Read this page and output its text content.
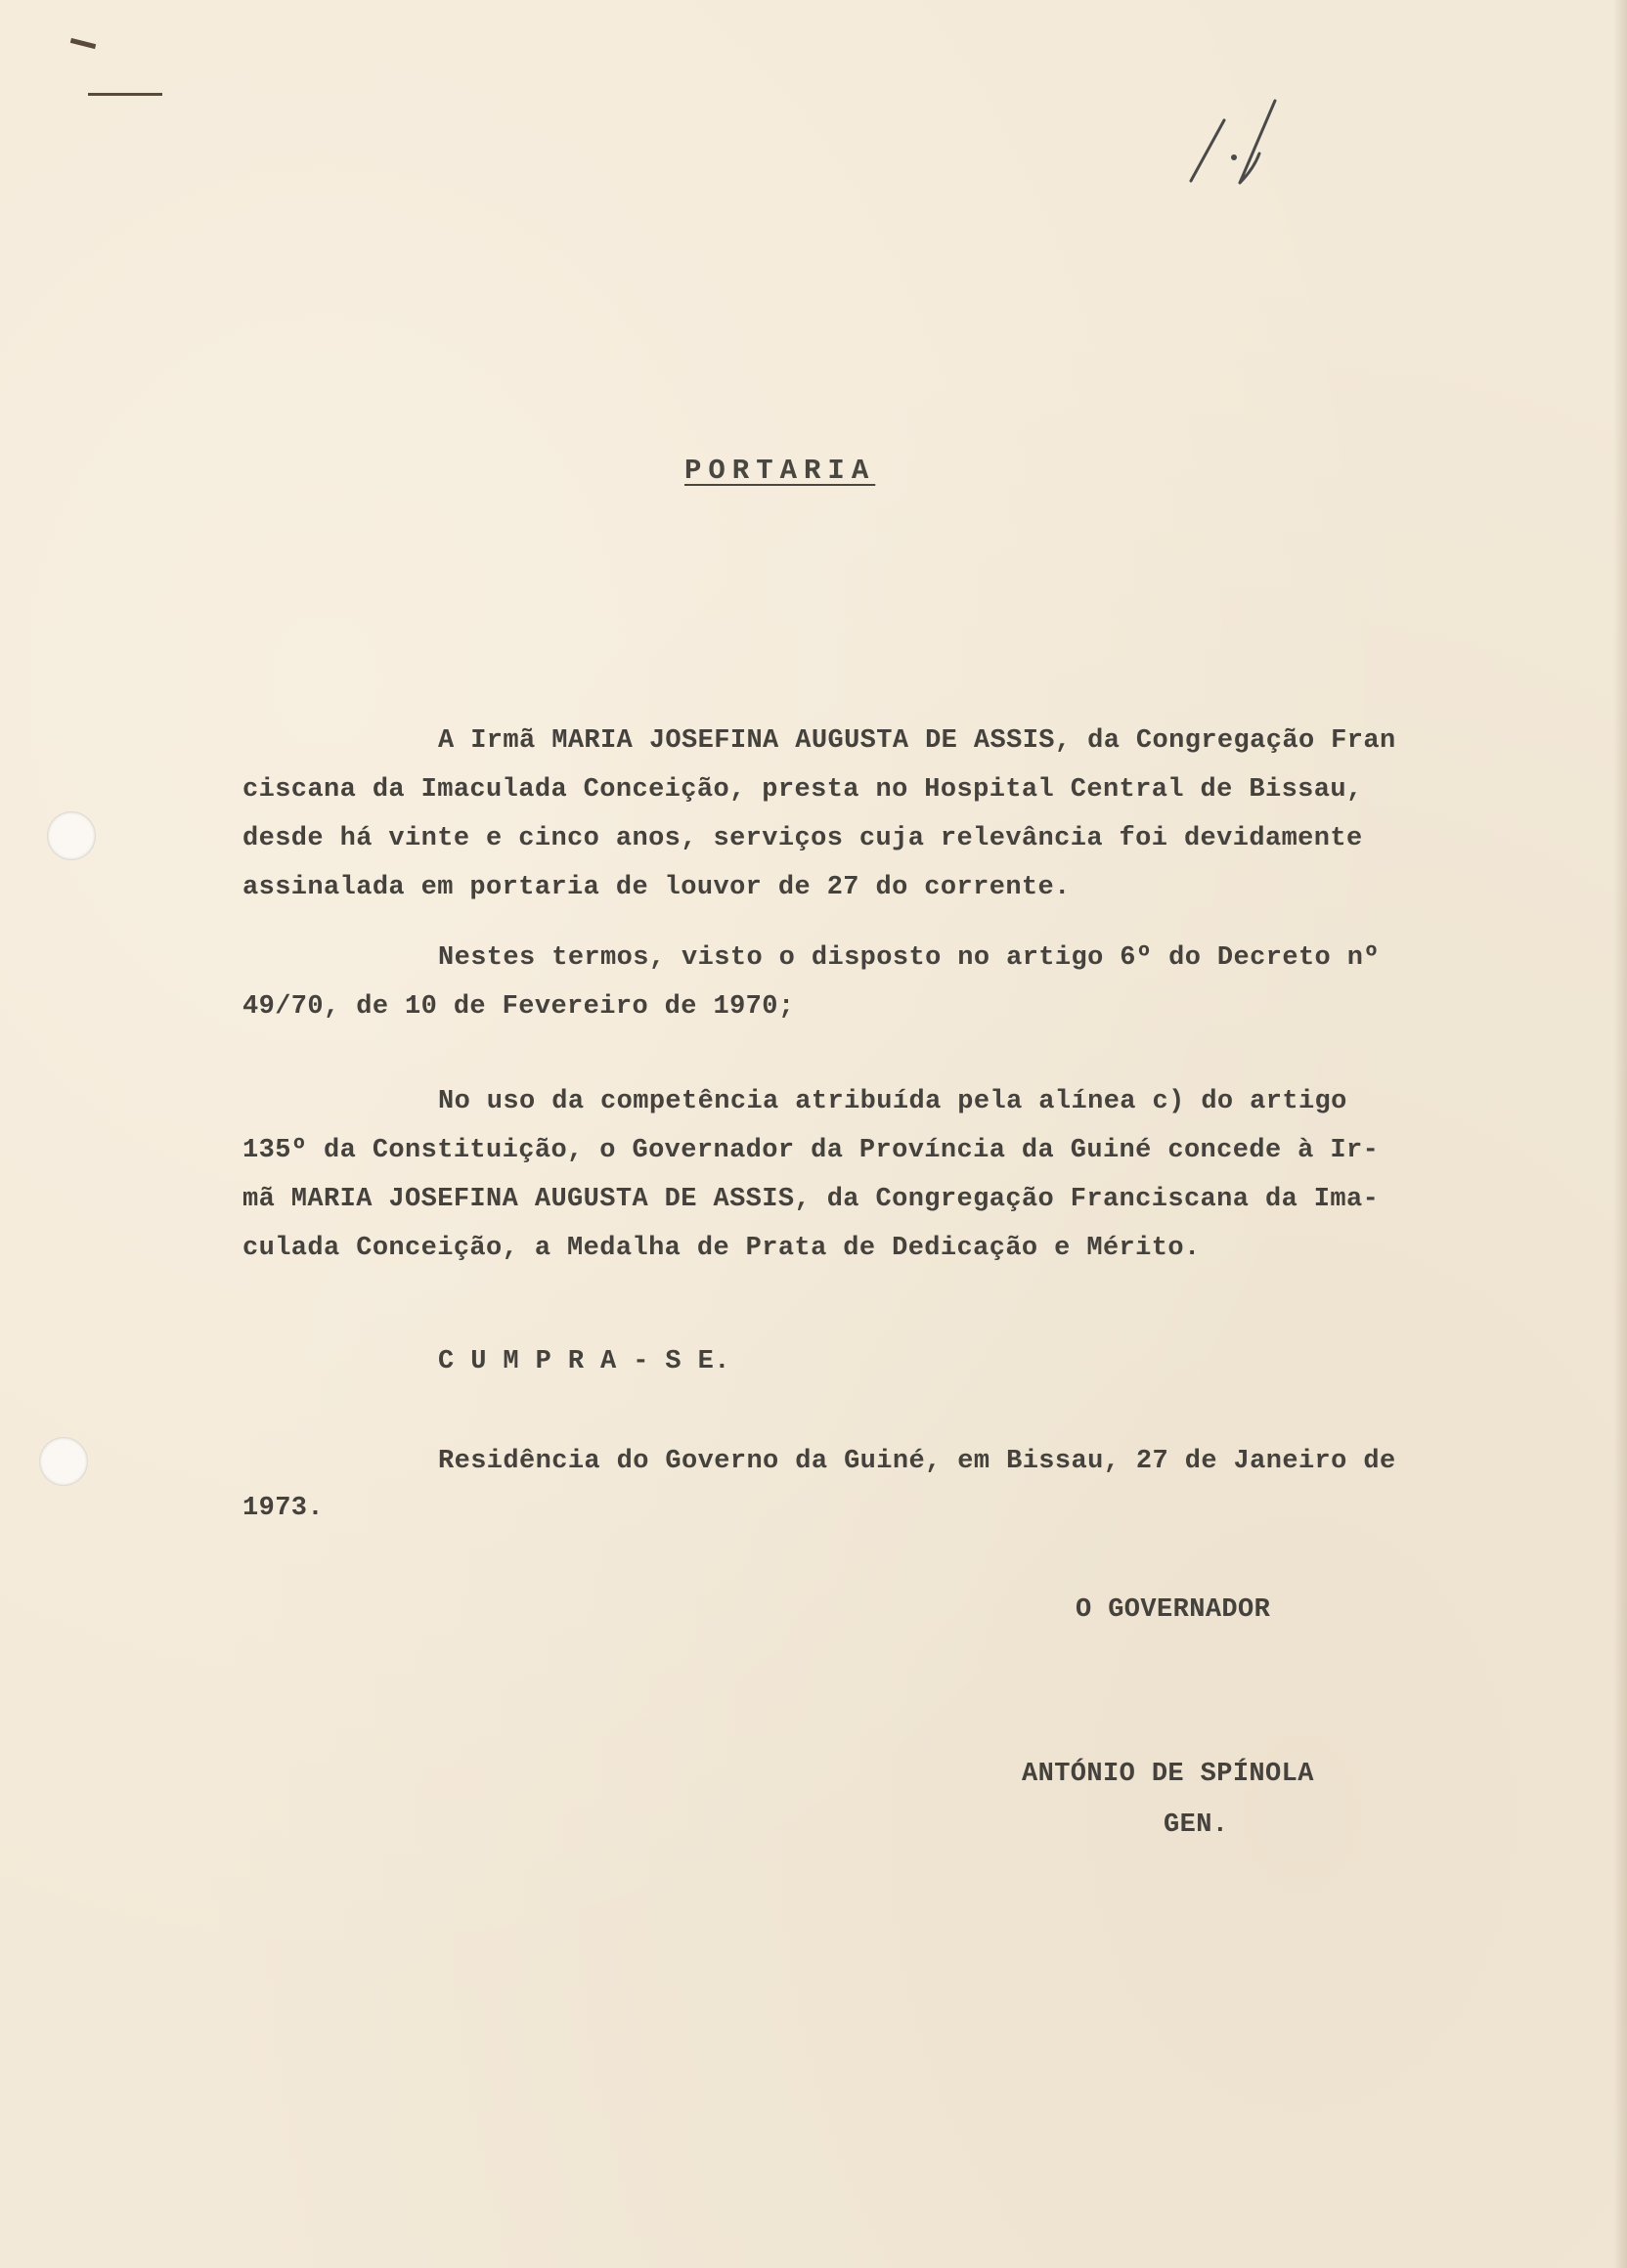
PORTARIA
A Irmã MARIA JOSEFINA AUGUSTA DE ASSIS, da Congregação Fran
ciscana da Imaculada Conceição, presta no Hospital Central de Bissau,
desde há vinte e cinco anos, serviços cuja relevância foi devidamente
assinalada em portaria de louvor de 27 do corrente.
Nestes termos, visto o disposto no artigo 6º do Decreto nº
49/70, de 10 de Fevereiro de 1970;
No uso da competência atribuída pela alínea c) do artigo
135º da Constituição, o Governador da Província da Guiné concede à Ir-
mã MARIA JOSEFINA AUGUSTA DE ASSIS, da Congregação Franciscana da Ima-
culada Conceição, a Medalha de Prata de Dedicação e Mérito.
C U M P R A - S E.
Residência do Governo da Guiné, em Bissau, 27 de Janeiro de
1973.
O GOVERNADOR
ANTÓNIO DE SPÍNOLA
GEN.
